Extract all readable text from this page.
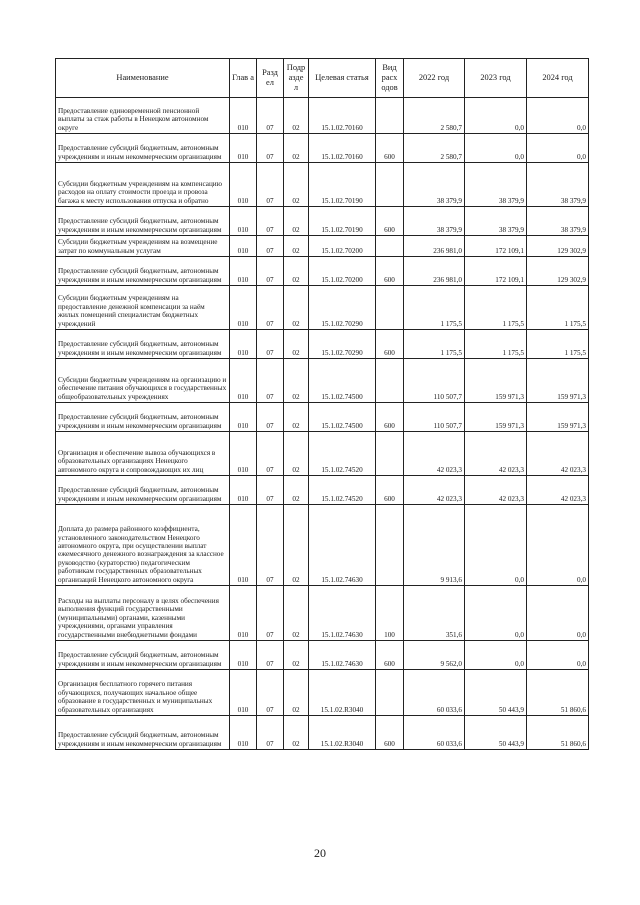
Наименование	Глав а	Разд ел	Подр азде л	Целевая статья	Вид расх одов	2022 год	2023 год	2024 год
Предоставление единовременной пенсионной выплаты за стаж работы в Ненецком автономном округе	010	07	02	15.1.02.70160		2 580,7	0,0	0,0
Предоставление субсидий бюджетным, автономным учреждениям и иным некоммерческим организациям	010	07	02	15.1.02.70160	600	2 580,7	0,0	0,0
Субсидии бюджетным учреждениям на компенсацию расходов на оплату стоимости проезда и провоза багажа к месту использования отпуска и обратно	010	07	02	15.1.02.70190		38 379,9	38 379,9	38 379,9
Предоставление субсидий бюджетным, автономным учреждениям и иным некоммерческим организациям	010	07	02	15.1.02.70190	600	38 379,9	38 379,9	38 379,9
Субсидии бюджетным учреждениям на возмещение затрат по коммунальным услугам	010	07	02	15.1.02.70200		236 981,0	172 109,1	129 302,9
Предоставление субсидий бюджетным, автономным учреждениям и иным некоммерческим организациям	010	07	02	15.1.02.70200	600	236 981,0	172 109,1	129 302,9
Субсидии бюджетным учреждениям на предоставление денежной компенсации за наём жилых помещений специалистам бюджетных учреждений	010	07	02	15.1.02.70290		1 175,5	1 175,5	1 175,5
Предоставление субсидий бюджетным, автономным учреждениям и иным некоммерческим организациям	010	07	02	15.1.02.70290	600	1 175,5	1 175,5	1 175,5
Субсидии бюджетным учреждениям на организацию и обеспечение питания обучающихся в государственных общеобразовательных учреждениях	010	07	02	15.1.02.74500		110 507,7	159 971,3	159 971,3
Предоставление субсидий бюджетным, автономным учреждениям и иным некоммерческим организациям	010	07	02	15.1.02.74500	600	110 507,7	159 971,3	159 971,3
Организация и обеспечение вывоза обучающихся в образовательных организациях Ненецкого автономного округа и сопровождающих их лиц	010	07	02	15.1.02.74520		42 023,3	42 023,3	42 023,3
Предоставление субсидий бюджетным, автономным учреждениям и иным некоммерческим организациям	010	07	02	15.1.02.74520	600	42 023,3	42 023,3	42 023,3
Доплата до размера районного коэффициента, установленного законодательством Ненецкого автономного округа, при осуществлении выплат ежемесячного денежного вознаграждения за классное руководство (кураторство) педагогическим работникам государственных образовательных организаций Ненецкого автономного округа	010	07	02	15.1.02.74630		9 913,6	0,0	0,0
Расходы на выплаты персоналу в целях обеспечения выполнения функций государственными (муниципальными) органами, казенными учреждениями, органами управления государственными внебюджетными фондами	010	07	02	15.1.02.74630	100	351,6	0,0	0,0
Предоставление субсидий бюджетным, автономным учреждениям и иным некоммерческим организациям	010	07	02	15.1.02.74630	600	9 562,0	0,0	0,0
Организация бесплатного горячего питания обучающихся, получающих начальное общее образование в государственных и муниципальных образовательных организациях	010	07	02	15.1.02.R3040		60 033,6	50 443,9	51 860,6
Предоставление субсидий бюджетным, автономным учреждениям и иным некоммерческим организациям	010	07	02	15.1.02.R3040	600	60 033,6	50 443,9	51 860,6
20
